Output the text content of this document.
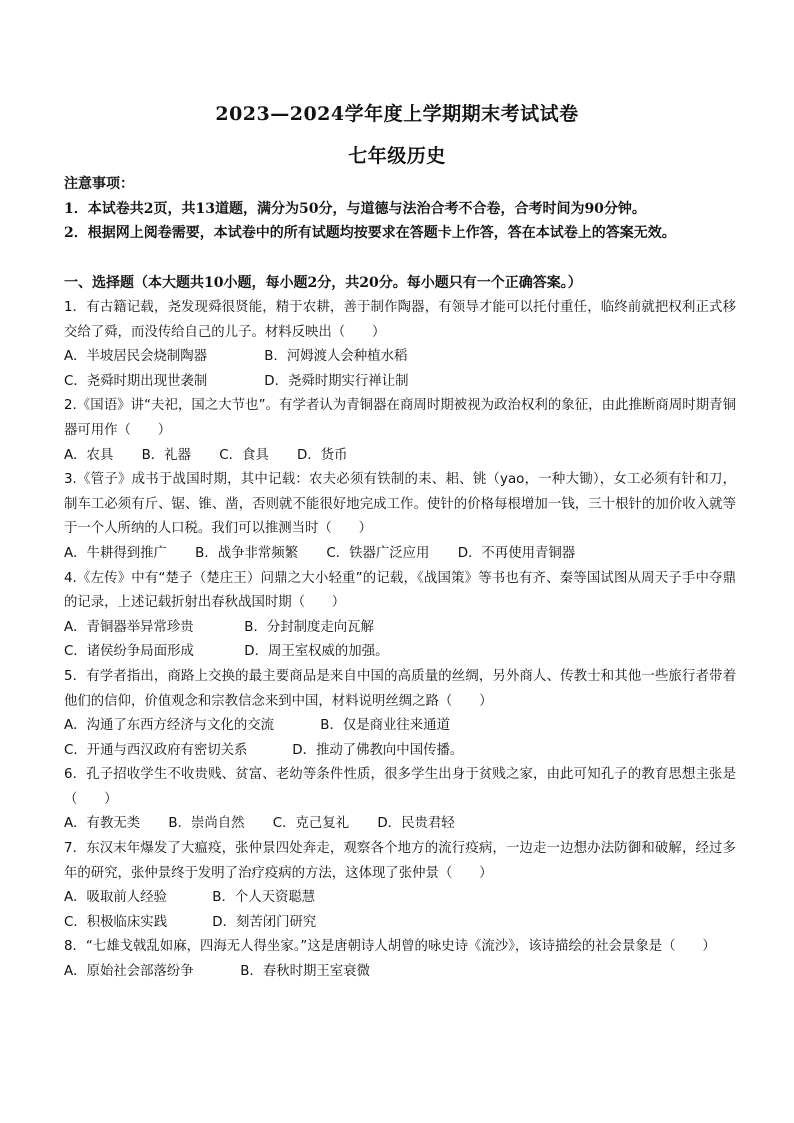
2023—2024学年度上学期期末考试试卷
七年级历史
注意事项：
1．本试卷共2页，共13道题，满分为50分，与道德与法治合考不合卷，合考时间为90分钟。
2．根据网上阅卷需要，本试卷中的所有试题均按要求在答题卡上作答，答在本试卷上的答案无效。
一、选择题（本大题共10小题，每小题2分，共20分。每小题只有一个正确答案。）

1．有古籍记载，尧发现舜很贤能，精于农耕，善于制作陶器，有领导才能可以托付重任，临终前就把权利正式移交给了舜，而没传给自己的儿子。材料反映出（　　）

A．半坡居民会烧制陶器	B．河姆渡人会种植水稻
C．尧舜时期出现世袭制	D．尧舜时期实行禅让制

2.《国语》讲“夫祀，国之大节也”。有学者认为青铜器在商周时期被视为政治权利的象征，由此推断商周时期青铜器可用作（　　）

A．农具 B．礼器 C．食具 D．货币

3.《管子》成书于战国时期，其中记载：农夫必须有铁制的耒、耜、铫（yao，一种大锄），女工必须有针和刀，制车工必须有斤、锯、锥、凿，否则就不能很好地完成工作。使针的价格每根增加一钱，三十根针的加价收入就等于一个人所纳的人口税。我们可以推测当时（　　）

A．牛耕得到推广 B．战争非常频繁 C．铁器广泛应用 D．不再使用青铜器

4.《左传》中有“楚子（楚庄王）问鼎之大小轻重”的记载，《战国策》等书也有齐、秦等国试图从周天子手中夺鼎的记录，上述记载折射出春秋战国时期（　　）

A．青铜器举异常珍贵	B．分封制度走向瓦解
C．诸侯纷争局面形成	D．周王室权威的加强。

5．有学者指出，商路上交换的最主要商品是来自中国的高质量的丝绸，另外商人、传教士和其他一些旅行者带着他们的信仰，价值观念和宗教信念来到中国，材料说明丝绸之路（　　）

A．沟通了东西方经济与文化的交流	B．仅是商业往来通道
C．开通与西汉政府有密切关系	D．推动了佛教向中国传播。

6．孔子招收学生不收贵贱、贫富、老幼等条件性质，很多学生出身于贫贱之家，由此可知孔子的教育思想主张是（　　）

A．有教无类 B．崇尚自然 C．克己复礼 D．民贵君轻

7．东汉末年爆发了大瘟疫，张仲景四处奔走，观察各个地方的流行疫病，一边走一边想办法防御和破解，经过多年的研究，张仲景终于发明了治疗疫病的方法，这体现了张仲景（　　）

A．吸取前人经验	B．个人天资聪慧
C．积极临床实践	D．刻苦闭门研究

8．“七雄戈戟乱如麻，四海无人得坐家。”这是唐朝诗人胡曾的咏史诗《流沙》，该诗描绘的社会景象是（　　）

A．原始社会部落纷争	B．春秋时期王室衰微
